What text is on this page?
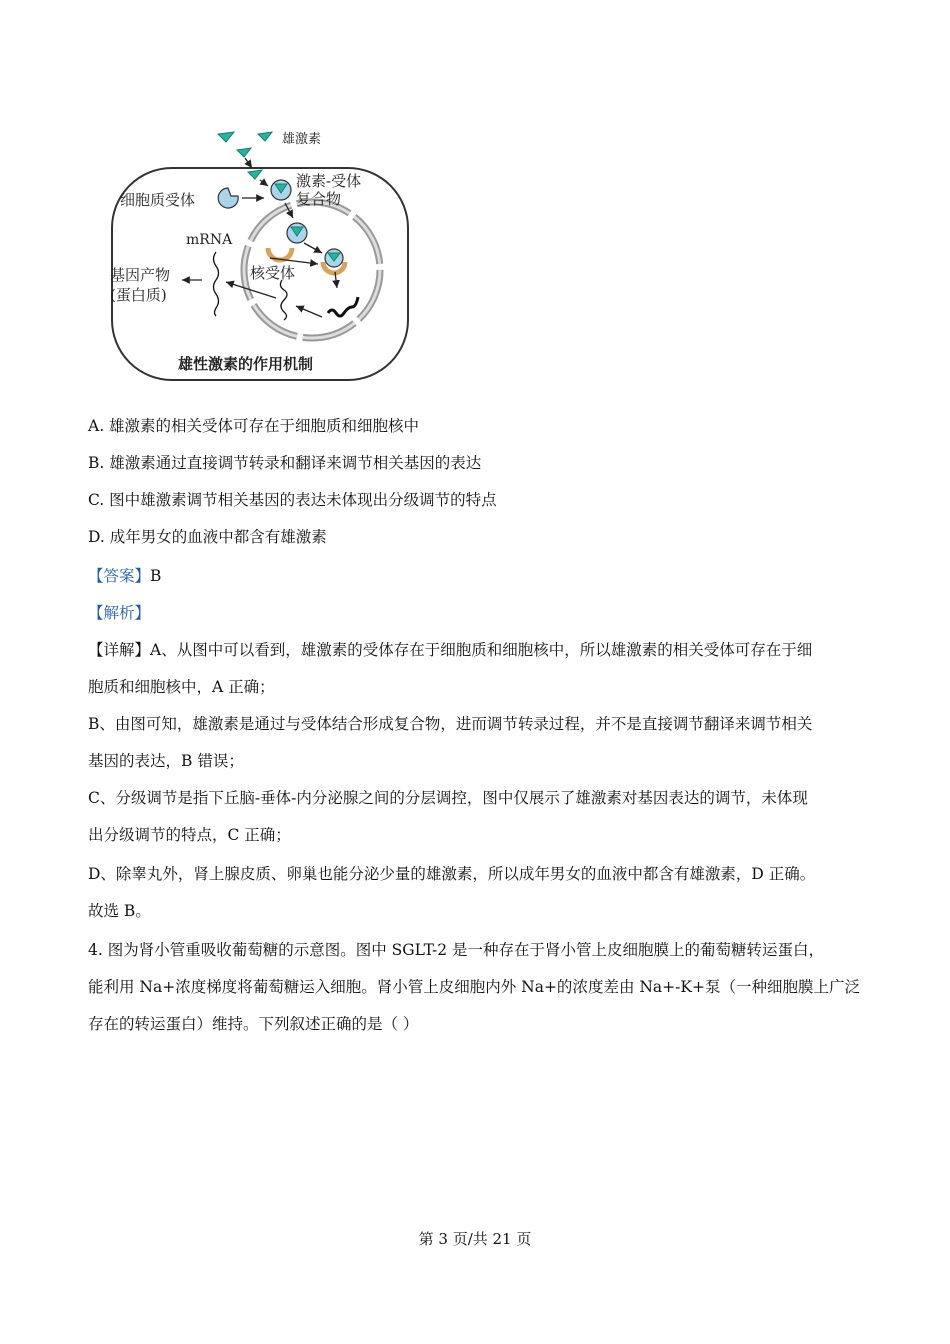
雄激素
激素-受体
复合物
细胞质受体
核受体
mRNA
基因产物
(蛋白质)
雄性激素的作用机制
A. 雄激素的相关受体可存在于细胞质和细胞核中
B. 雄激素通过直接调节转录和翻译来调节相关基因的表达
C. 图中雄激素调节相关基因的表达未体现出分级调节的特点
D. 成年男女的血液中都含有雄激素
【答案】B
【解析】
【详解】A、从图中可以看到，雄激素的受体存在于细胞质和细胞核中，所以雄激素的相关受体可存在于细
胞质和细胞核中，A 正确；
B、由图可知，雄激素是通过与受体结合形成复合物，进而调节转录过程，并不是直接调节翻译来调节相关
基因的表达，B 错误；
C、分级调节是指下丘脑-垂体-内分泌腺之间的分层调控，图中仅展示了雄激素对基因表达的调节，未体现
出分级调节的特点，C 正确；
D、除睾丸外，肾上腺皮质、卵巢也能分泌少量的雄激素，所以成年男女的血液中都含有雄激素，D 正确。
故选 B。
4. 图为肾小管重吸收葡萄糖的示意图。图中 SGLT-2 是一种存在于肾小管上皮细胞膜上的葡萄糖转运蛋白，
能利用 Na+浓度梯度将葡萄糖运入细胞。肾小管上皮细胞内外 Na+的浓度差由 Na+-K+泵（一种细胞膜上广泛
存在的转运蛋白）维持。下列叙述正确的是（ ）
第 3 页/共 21 页
